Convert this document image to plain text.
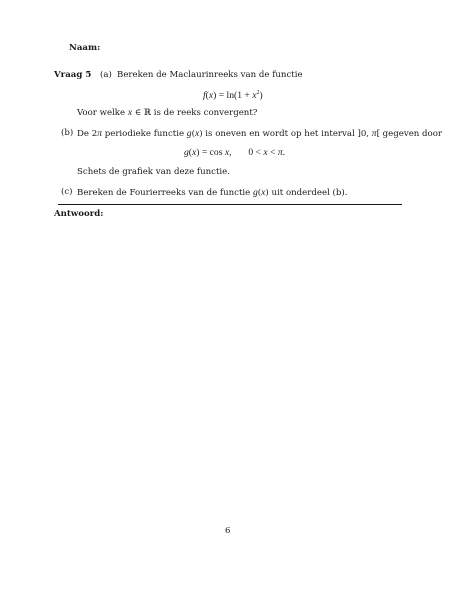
Naam:
Vraag 5 (a) Bereken de Maclaurinreeks van de functie
$f(x) = \ln(1 + x^2)$
Voor welke x ∈ ℝ is de reeks convergent?
(b) De 2π periodieke functie g(x) is oneven en wordt op het interval ]0, π[ gegeven door
g(x) = cos x,       0 < x < π.
Schets de grafiek van deze functie.
(c) Bereken de Fourierreeks van de functie g(x) uit onderdeel (b).
Antwoord:
6
